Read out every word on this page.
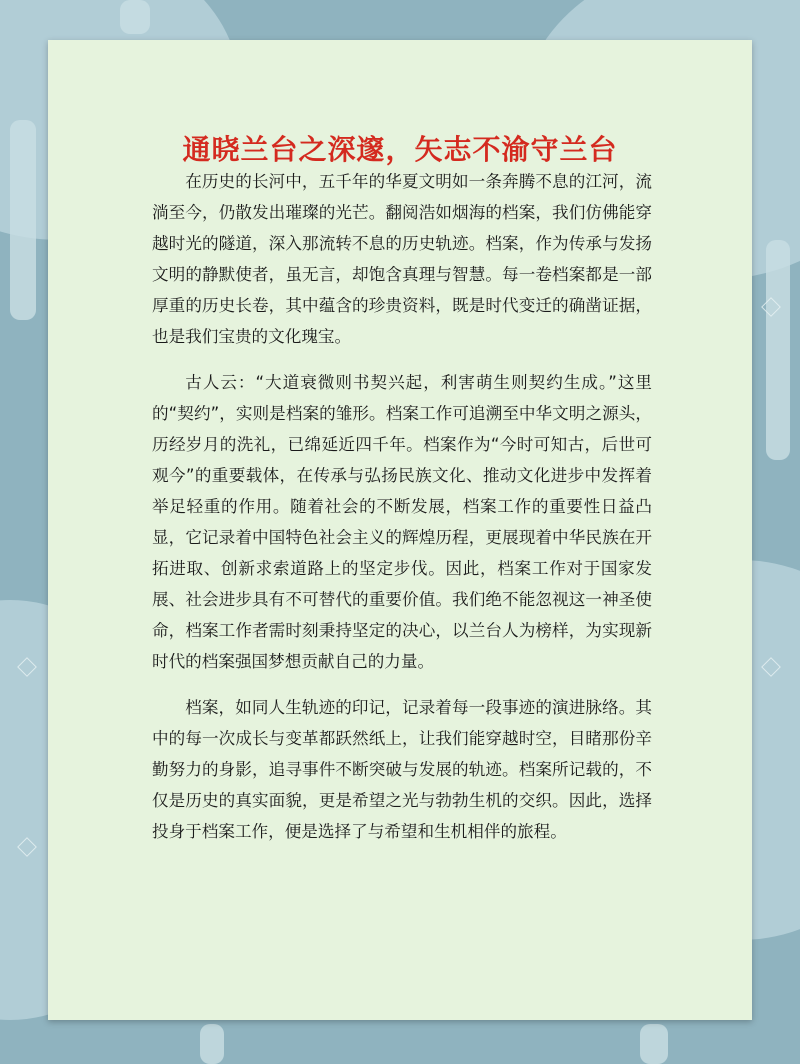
通晓兰台之深邃，矢志不渝守兰台

在历史的长河中，五千年的华夏文明如一条奔腾不息的江河，流淌至今，仍散发出璀璨的光芒。翻阅浩如烟海的档案，我们仿佛能穿越时光的隧道，深入那流转不息的历史轨迹。档案，作为传承与发扬文明的静默使者，虽无言，却饱含真理与智慧。每一卷档案都是一部厚重的历史长卷，其中蕴含的珍贵资料，既是时代变迁的确凿证据，也是我们宝贵的文化瑰宝。

古人云：“大道衰微则书契兴起，利害萌生则契约生成。”这里的“契约”，实则是档案的雏形。档案工作可追溯至中华文明之源头，历经岁月的洗礼，已绵延近四千年。档案作为“今时可知古，后世可观今”的重要载体，在传承与弘扬民族文化、推动文化进步中发挥着举足轻重的作用。随着社会的不断发展，档案工作的重要性日益凸显，它记录着中国特色社会主义的辉煌历程，更展现着中华民族在开拓进取、创新求索道路上的坚定步伐。因此，档案工作对于国家发展、社会进步具有不可替代的重要价值。我们绝不能忽视这一神圣使命，档案工作者需时刻秉持坚定的决心，以兰台人为榜样，为实现新时代的档案强国梦想贡献自己的力量。

档案，如同人生轨迹的印记，记录着每一段事迹的演进脉络。其中的每一次成长与变革都跃然纸上，让我们能穿越时空，目睹那份辛勤努力的身影，追寻事件不断突破与发展的轨迹。档案所记载的，不仅是历史的真实面貌，更是希望之光与勃勃生机的交织。因此，选择投身于档案工作，便是选择了与希望和生机相伴的旅程。
